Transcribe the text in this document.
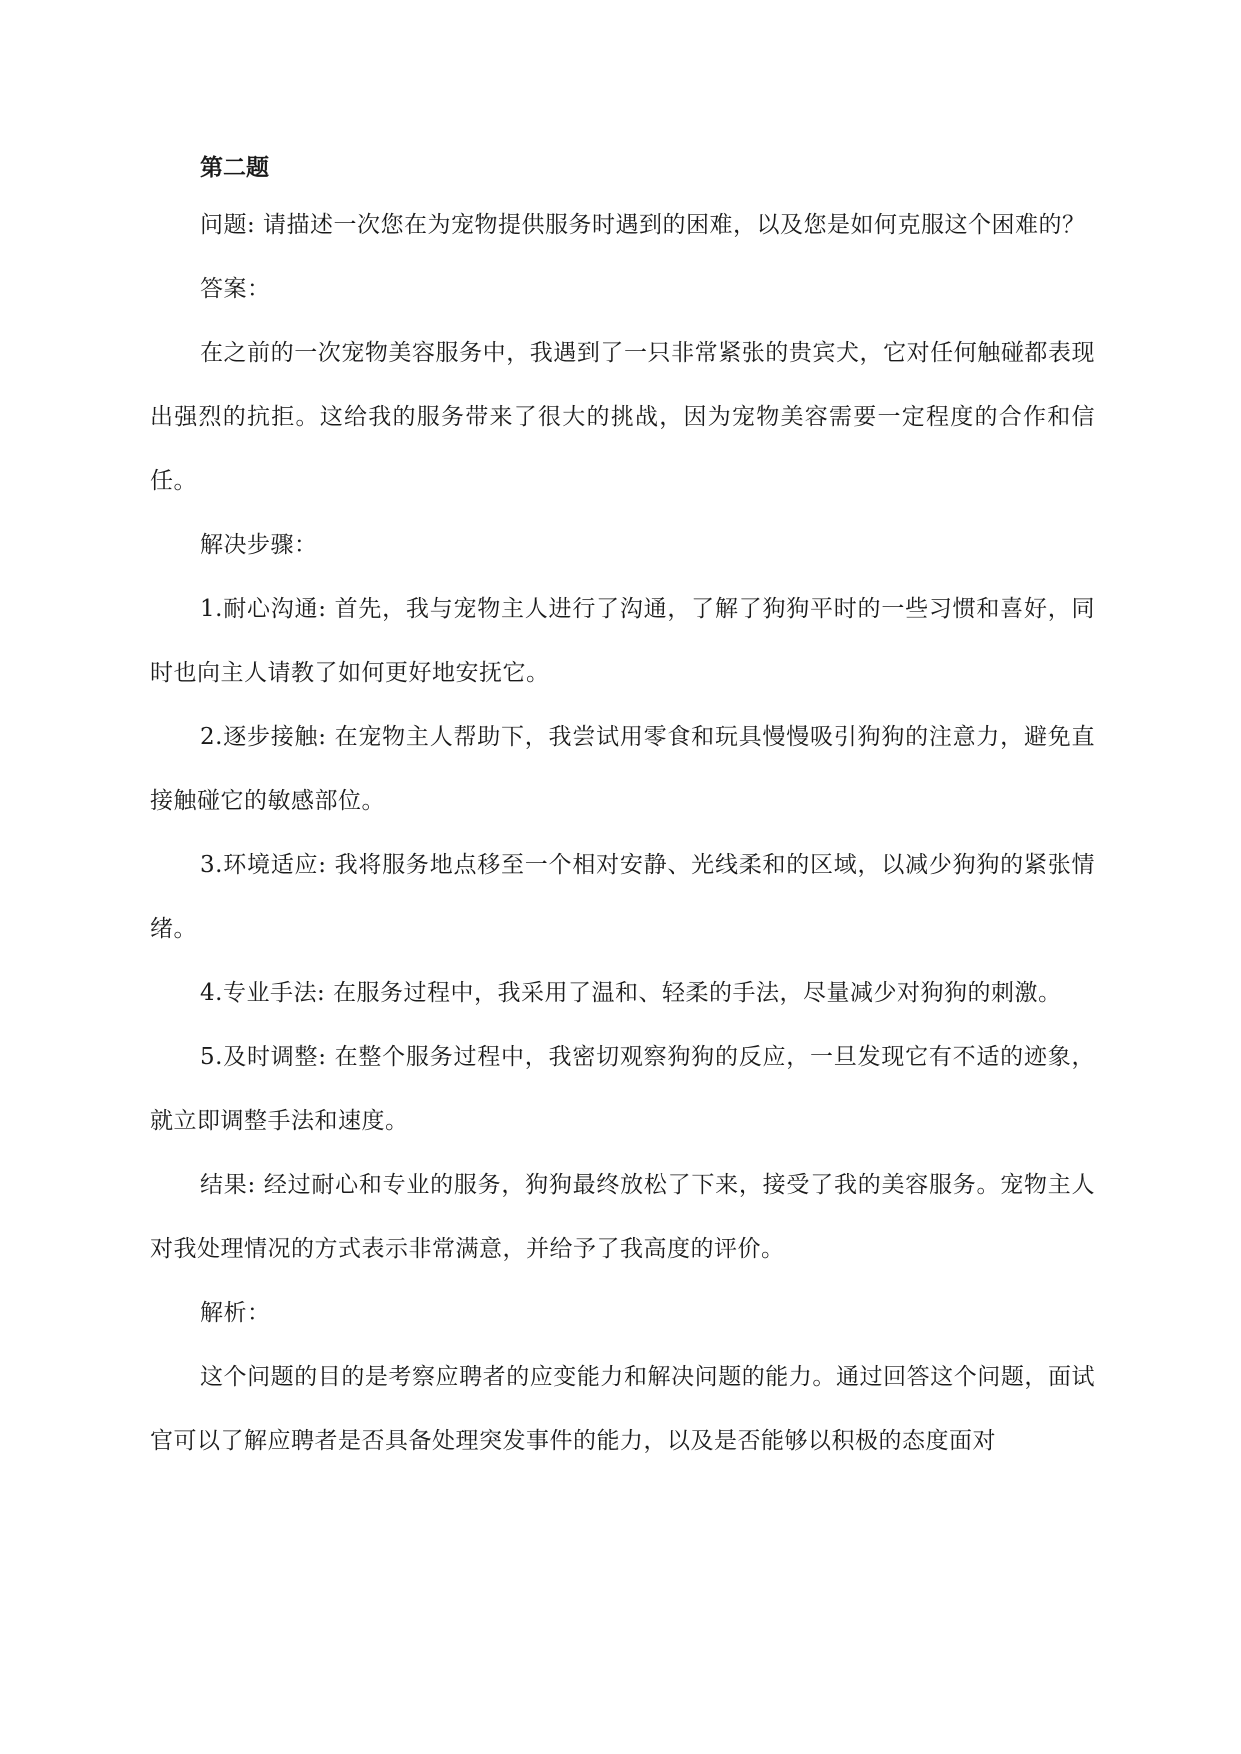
第二题

问题: 请描述一次您在为宠物提供服务时遇到的困难，以及您是如何克服这个困难的？

答案：

在之前的一次宠物美容服务中，我遇到了一只非常紧张的贵宾犬，它对任何触碰都表现出强烈的抗拒。这给我的服务带来了很大的挑战，因为宠物美容需要一定程度的合作和信任。

解决步骤：

1.耐心沟通: 首先，我与宠物主人进行了沟通，了解了狗狗平时的一些习惯和喜好，同时也向主人请教了如何更好地安抚它。

2.逐步接触: 在宠物主人帮助下，我尝试用零食和玩具慢慢吸引狗狗的注意力，避免直接触碰它的敏感部位。

3.环境适应: 我将服务地点移至一个相对安静、光线柔和的区域，以减少狗狗的紧张情绪。

4.专业手法: 在服务过程中，我采用了温和、轻柔的手法，尽量减少对狗狗的刺激。

5.及时调整: 在整个服务过程中，我密切观察狗狗的反应，一旦发现它有不适的迹象，就立即调整手法和速度。

结果: 经过耐心和专业的服务，狗狗最终放松了下来，接受了我的美容服务。宠物主人对我处理情况的方式表示非常满意，并给予了我高度的评价。

解析：

这个问题的目的是考察应聘者的应变能力和解决问题的能力。通过回答这个问题，面试官可以了解应聘者是否具备处理突发事件的能力，以及是否能够以积极的态度面对
